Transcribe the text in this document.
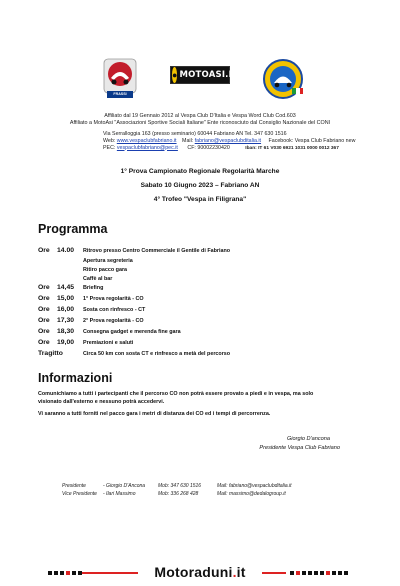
FRASSI
● MOTOASI.IT
Affiliato dal 19 Gennaio 2012 al Vespa Club D'Italia e Vespa Word Club Cod.603
Affiliato a MotoAsi "Associazioni Sportive Sociali Italiane" Ente riconosciuto dal Consiglio Nazionale del CONI
Via Serralloggia 163 (presso seminario) 60044 Fabriano AN Tel. 347 630 1516
Web: www.vespaclubfabriano.it Mail: fabriano@vespaclubditalia.it Facebook: Vespa Club Fabriano new
PEC: vespaclubfabriano@pec.it CF: 90002230420	Iban: IT 61 V030 6921 1031 0000 0012 367
1° Prova Campionato Regionale Regolarità Marche
Sabato 10 Giugno 2023 – Fabriano AN
4° Trofeo "Vespa in Filigrana"
Programma
Ore 14.00 Ritrovo presso Centro Commerciale il Gentile di Fabriano
Apertura segreteria
Ritiro pacco gara
Caffè al bar
Ore 14,45 Briefing
Ore 15,00 1° Prova regolarità - CO
Ore 16,00 Sosta con rinfresco - CT
Ore 17,30 2° Prova regolarità - CO
Ore 18,30 Consegna gadget e merenda fine gara
Ore 19,00 Premiazioni e saluti
Tragitto	Circa 50 km con sosta CT e rinfresco a metà del percorso
Informazioni
Comunichiamo a tutti i partecipanti che il percorso CO non potrà essere provato a piedi e in vespa, ma solo
visionato dall'esterno e nessuno potrà accedervi.
Vi saranno a tutti forniti nel pacco gara i metri di distanza dei CO ed i tempi di percorrenza.
Giorgio D'ancona
Presidente Vespa Club Fabriano
Presidente	- Giorgio D'Ancona	Mob: 347 630 1516	Mail: fabriano@vespaclubditalia.it
Vice Presidente - Ilari Massimo	Mob: 336 268 428	Mail: massimo@dedalogroup.it
Motoraduni.it
